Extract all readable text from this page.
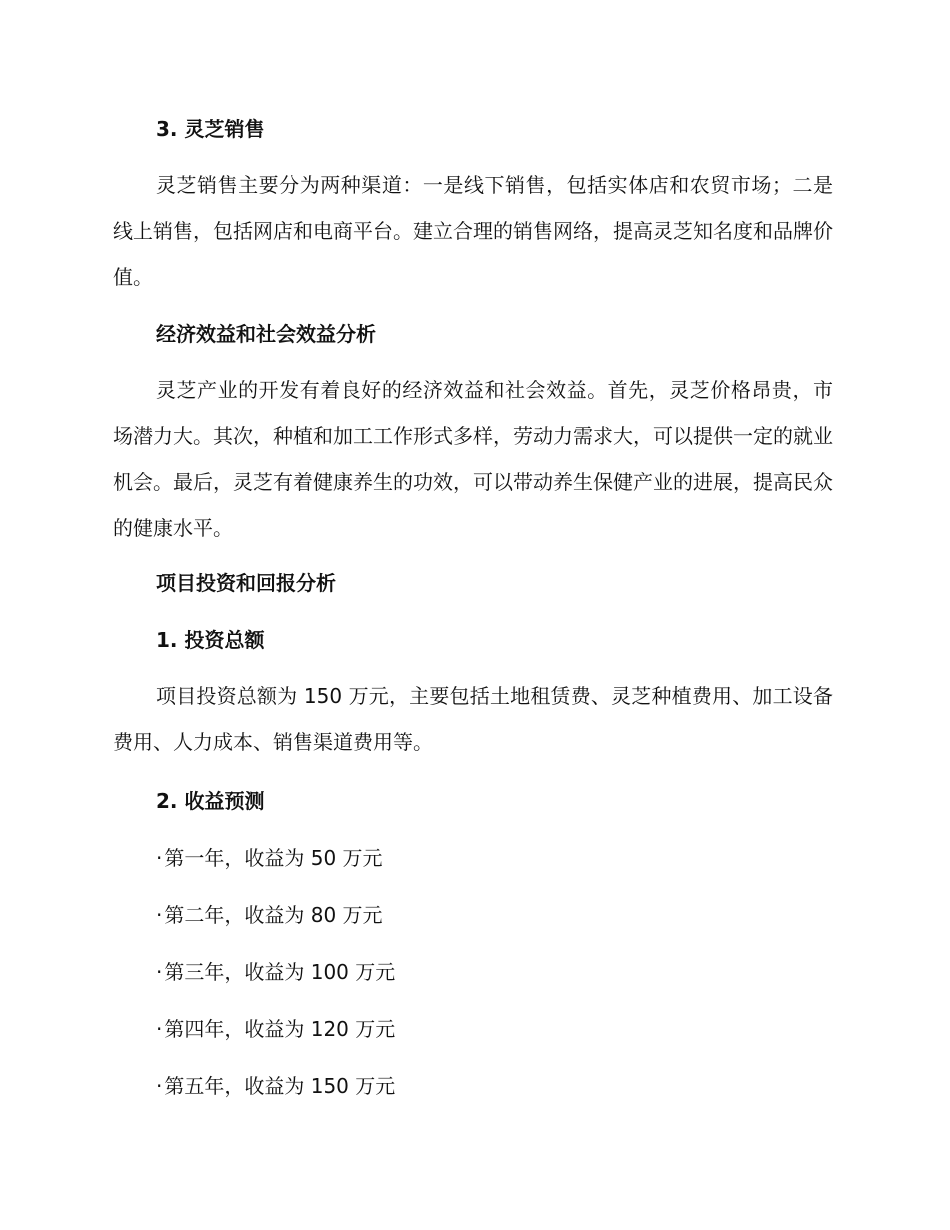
3. 灵芝销售
灵芝销售主要分为两种渠道：一是线下销售，包括实体店和农贸市场；二是线上销售，包括网店和电商平台。建立合理的销售网络，提高灵芝知名度和品牌价值。
经济效益和社会效益分析
灵芝产业的开发有着良好的经济效益和社会效益。首先，灵芝价格昂贵，市场潜力大。其次，种植和加工工作形式多样，劳动力需求大，可以提供一定的就业机会。最后，灵芝有着健康养生的功效，可以带动养生保健产业的进展，提高民众的健康水平。
项目投资和回报分析
1. 投资总额
项目投资总额为 150 万元，主要包括土地租赁费、灵芝种植费用、加工设备费用、人力成本、销售渠道费用等。
2. 收益预测
· 第一年，收益为 50 万元
· 第二年，收益为 80 万元
· 第三年，收益为 100 万元
· 第四年，收益为 120 万元
· 第五年，收益为 150 万元
